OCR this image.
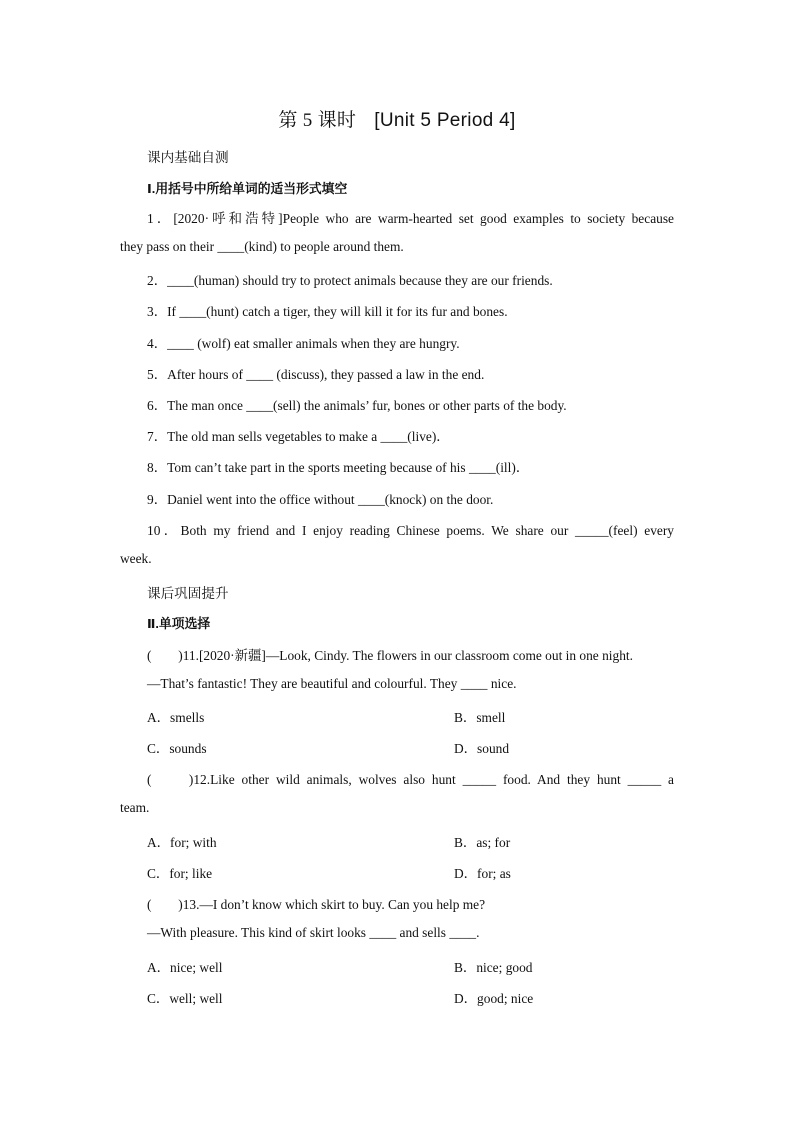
第 5 课时 [Unit 5 Period 4]
课内基础自测
Ⅰ.用括号中所给单词的适当形式填空
1．[2020·呼和浩特]People who are warm-hearted set good examples to society because
they pass on their ____(kind) to people around them.
2．____(human) should try to protect animals because they are our friends.
3．If ____(hunt) catch a tiger, they will kill it for its fur and bones.
4．____ (wolf) eat smaller animals when they are hungry.
5．After hours of ____ (discuss), they passed a law in the end.
6．The man once ____(sell) the animals’ fur, bones or other parts of the body.
7．The old man sells vegetables to make a ____(live)．
8．Tom can’t take part in the sports meeting because of his ____(ill)．
9．Daniel went into the office without ____(knock) on the door.
10．Both my friend and I enjoy reading Chinese poems. We share our _____(feel) every
week.
课后巩固提升
Ⅱ.单项选择
(　　)11.[2020·新疆]—Look, Cindy. The flowers in our classroom come out in one night.
—That’s fantastic! They are beautiful and colourful. They ____ nice.
A．smells	B．smell
C．sounds	D．sound
(　　)12.Like other wild animals, wolves also hunt _____ food. And they hunt _____ a
team.
A．for; with	B．as; for
C．for; like	D．for; as
(　　)13.—I don’t know which skirt to buy. Can you help me?
—With pleasure. This kind of skirt looks ____ and sells ____.
A．nice; well	B．nice; good
C．well; well	D．good; nice
